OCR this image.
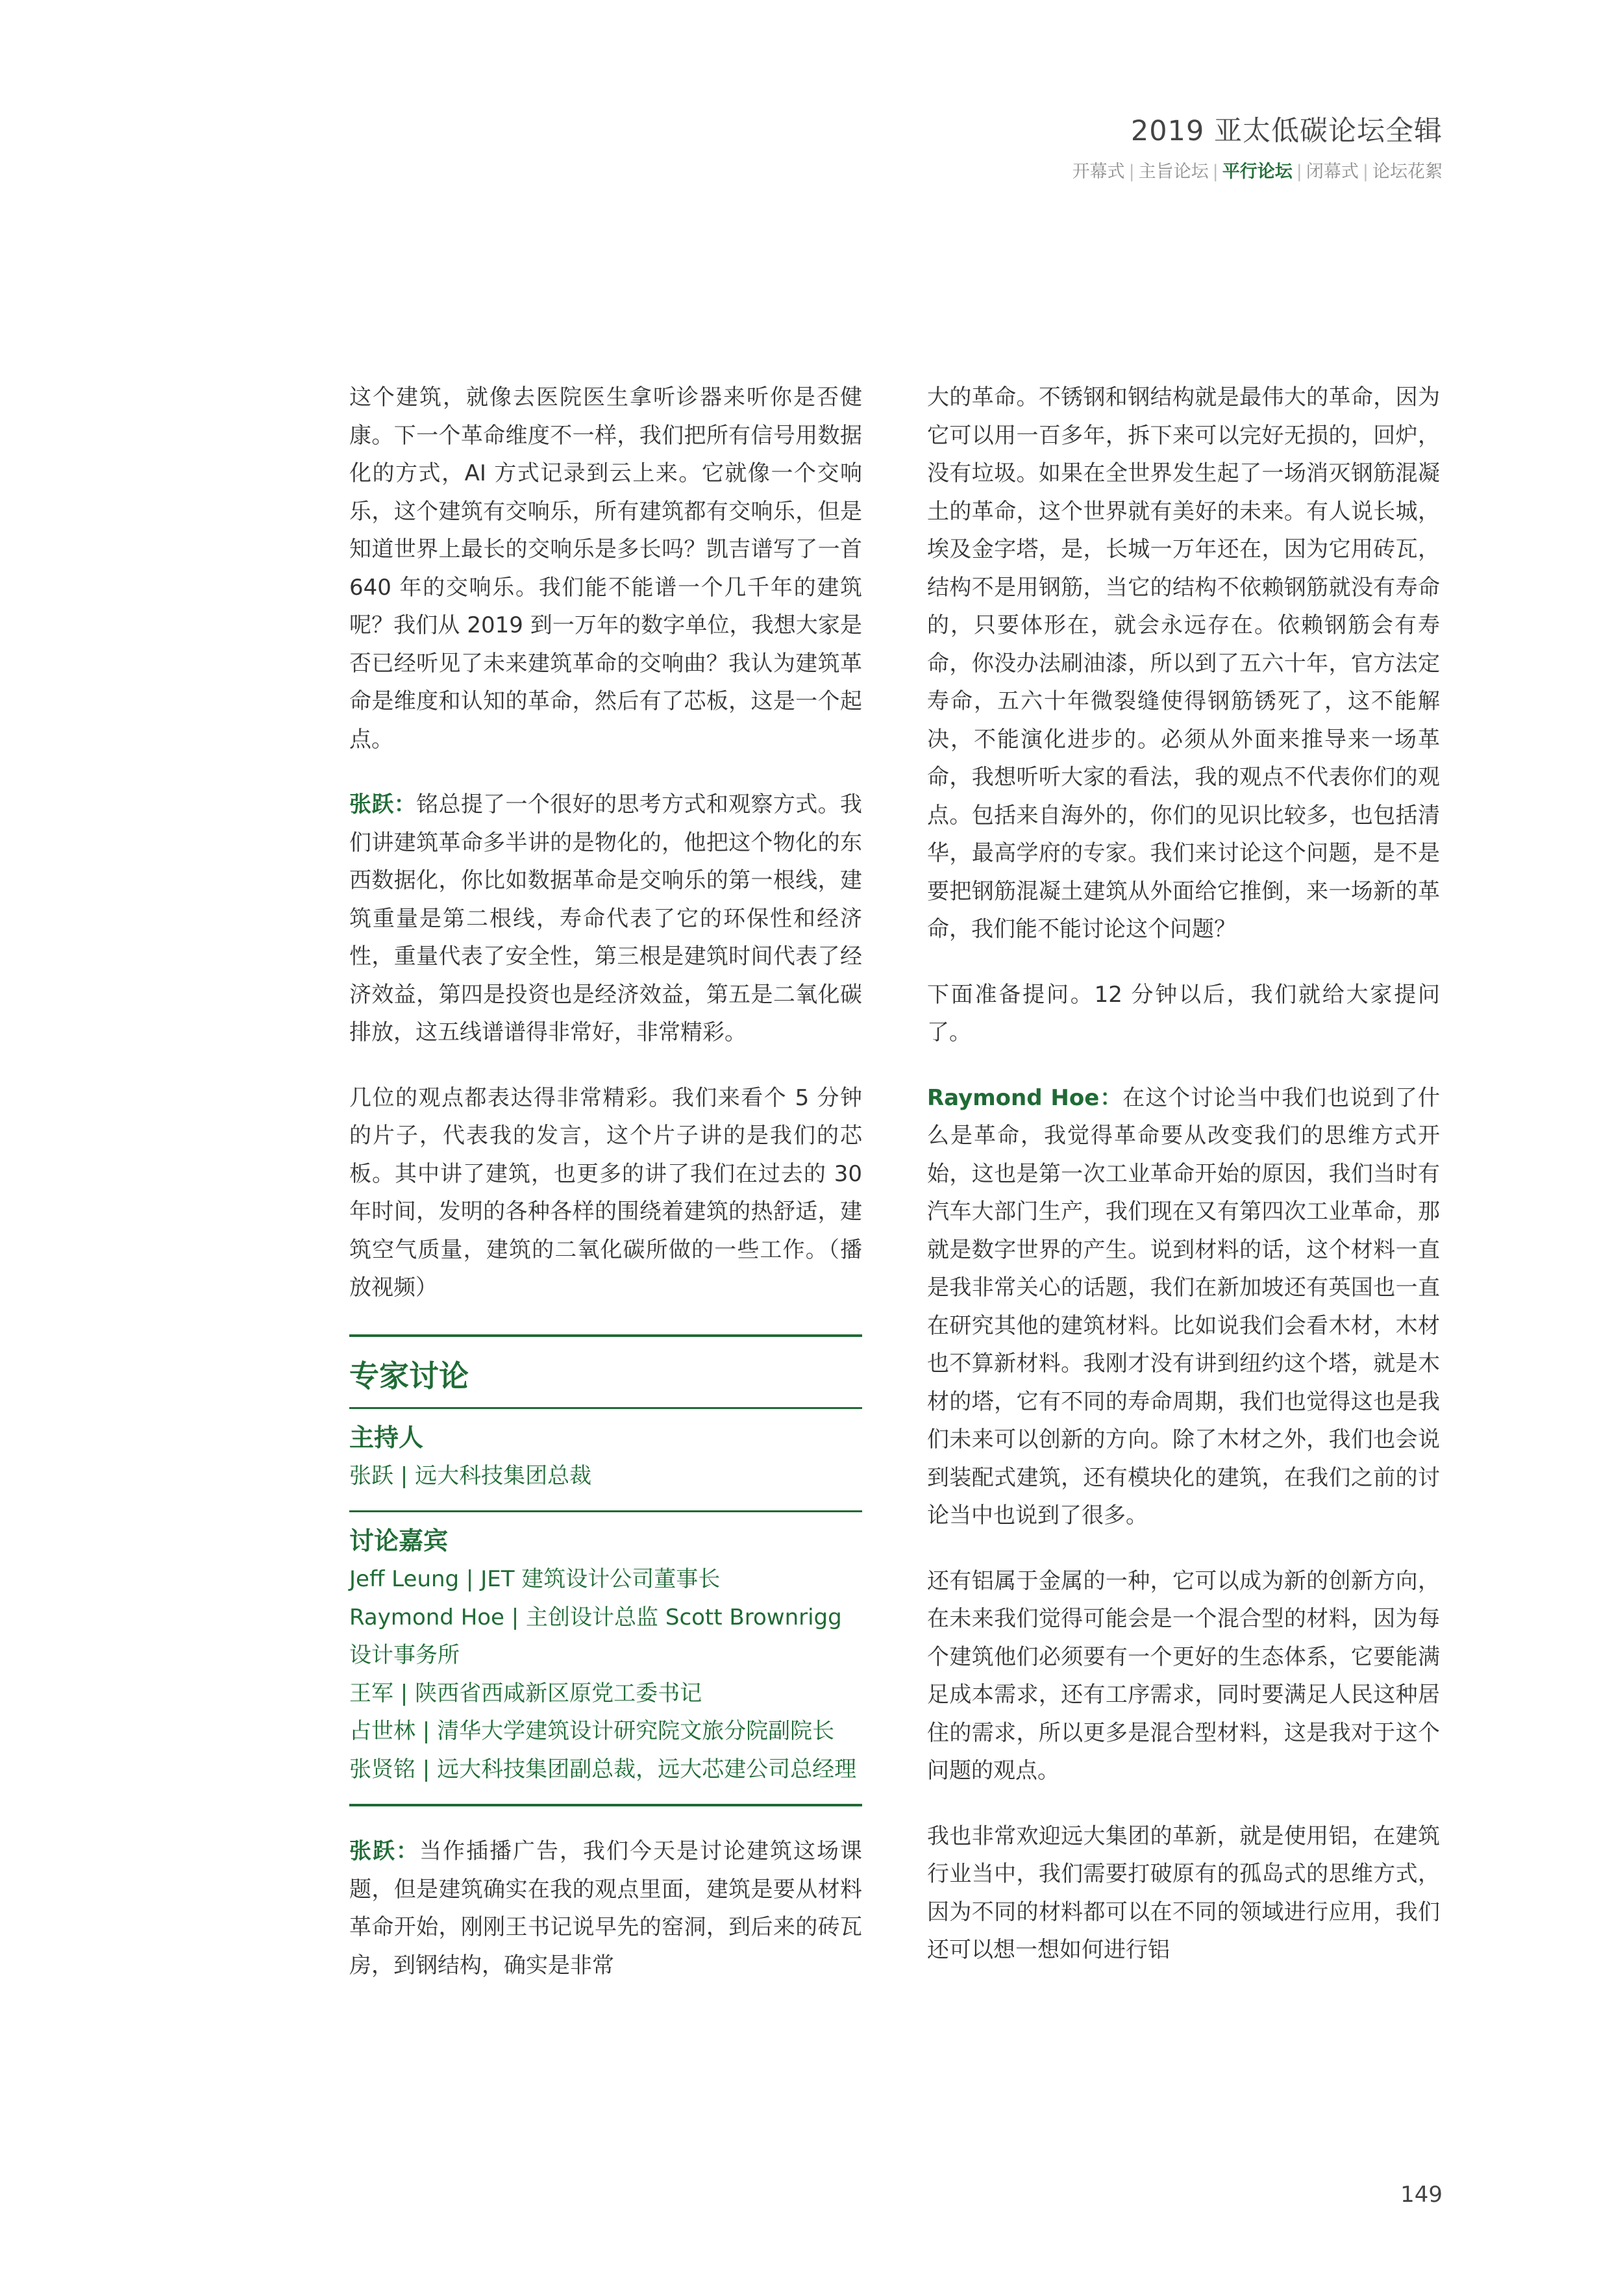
2019 亚太低碳论坛全辑
开幕式 | 主旨论坛 | 平行论坛 | 闭幕式 | 论坛花絮

这个建筑，就像去医院医生拿听诊器来听你是否健康。下一个革命维度不一样，我们把所有信号用数据化的方式，AI 方式记录到云上来。它就像一个交响乐，这个建筑有交响乐，所有建筑都有交响乐，但是知道世界上最长的交响乐是多长吗？凯吉谱写了一首 640 年的交响乐。我们能不能谱一个几千年的建筑呢？我们从 2019 到一万年的数字单位，我想大家是否已经听见了未来建筑革命的交响曲？我认为建筑革命是维度和认知的革命，然后有了芯板，这是一个起点。

张跃：铭总提了一个很好的思考方式和观察方式。我们讲建筑革命多半讲的是物化的，他把这个物化的东西数据化，你比如数据革命是交响乐的第一根线，建筑重量是第二根线，寿命代表了它的环保性和经济性，重量代表了安全性，第三根是建筑时间代表了经济效益，第四是投资也是经济效益，第五是二氧化碳排放，这五线谱谱得非常好，非常精彩。

几位的观点都表达得非常精彩。我们来看个 5 分钟的片子，代表我的发言，这个片子讲的是我们的芯板。其中讲了建筑，也更多的讲了我们在过去的 30 年时间，发明的各种各样的围绕着建筑的热舒适，建筑空气质量，建筑的二氧化碳所做的一些工作。（播放视频）

专家讨论
主持人
张跃 | 远大科技集团总裁
讨论嘉宾
Jeff Leung | JET 建筑设计公司董事长
Raymond Hoe | 主创设计总监 Scott Brownrigg 设计事务所
王军 | 陕西省西咸新区原党工委书记
占世林 | 清华大学建筑设计研究院文旅分院副院长
张贤铭 | 远大科技集团副总裁，远大芯建公司总经理

张跃：当作插播广告，我们今天是讨论建筑这场课题，但是建筑确实在我的观点里面，建筑是要从材料革命开始，刚刚王书记说早先的窑洞，到后来的砖瓦房，到钢结构，确实是非常

大的革命。不锈钢和钢结构就是最伟大的革命，因为它可以用一百多年，拆下来可以完好无损的，回炉，没有垃圾。如果在全世界发生起了一场消灭钢筋混凝土的革命，这个世界就有美好的未来。有人说长城，埃及金字塔，是，长城一万年还在，因为它用砖瓦，结构不是用钢筋，当它的结构不依赖钢筋就没有寿命的，只要体形在，就会永远存在。依赖钢筋会有寿命，你没办法刷油漆，所以到了五六十年，官方法定寿命，五六十年微裂缝使得钢筋锈死了，这不能解决，不能演化进步的。必须从外面来推导来一场革命，我想听听大家的看法，我的观点不代表你们的观点。包括来自海外的，你们的见识比较多，也包括清华，最高学府的专家。我们来讨论这个问题，是不是要把钢筋混凝土建筑从外面给它推倒，来一场新的革命，我们能不能讨论这个问题？

下面准备提问。12 分钟以后，我们就给大家提问了。

Raymond Hoe：在这个讨论当中我们也说到了什么是革命，我觉得革命要从改变我们的思维方式开始，这也是第一次工业革命开始的原因，我们当时有汽车大部门生产，我们现在又有第四次工业革命，那就是数字世界的产生。说到材料的话，这个材料一直是我非常关心的话题，我们在新加坡还有英国也一直在研究其他的建筑材料。比如说我们会看木材，木材也不算新材料。我刚才没有讲到纽约这个塔，就是木材的塔，它有不同的寿命周期，我们也觉得这也是我们未来可以创新的方向。除了木材之外，我们也会说到装配式建筑，还有模块化的建筑，在我们之前的讨论当中也说到了很多。

还有铝属于金属的一种，它可以成为新的创新方向，在未来我们觉得可能会是一个混合型的材料，因为每个建筑他们必须要有一个更好的生态体系，它要能满足成本需求，还有工序需求，同时要满足人民这种居住的需求，所以更多是混合型材料，这是我对于这个问题的观点。

我也非常欢迎远大集团的革新，就是使用铝，在建筑行业当中，我们需要打破原有的孤岛式的思维方式，因为不同的材料都可以在不同的领域进行应用，我们还可以想一想如何进行铝

149
